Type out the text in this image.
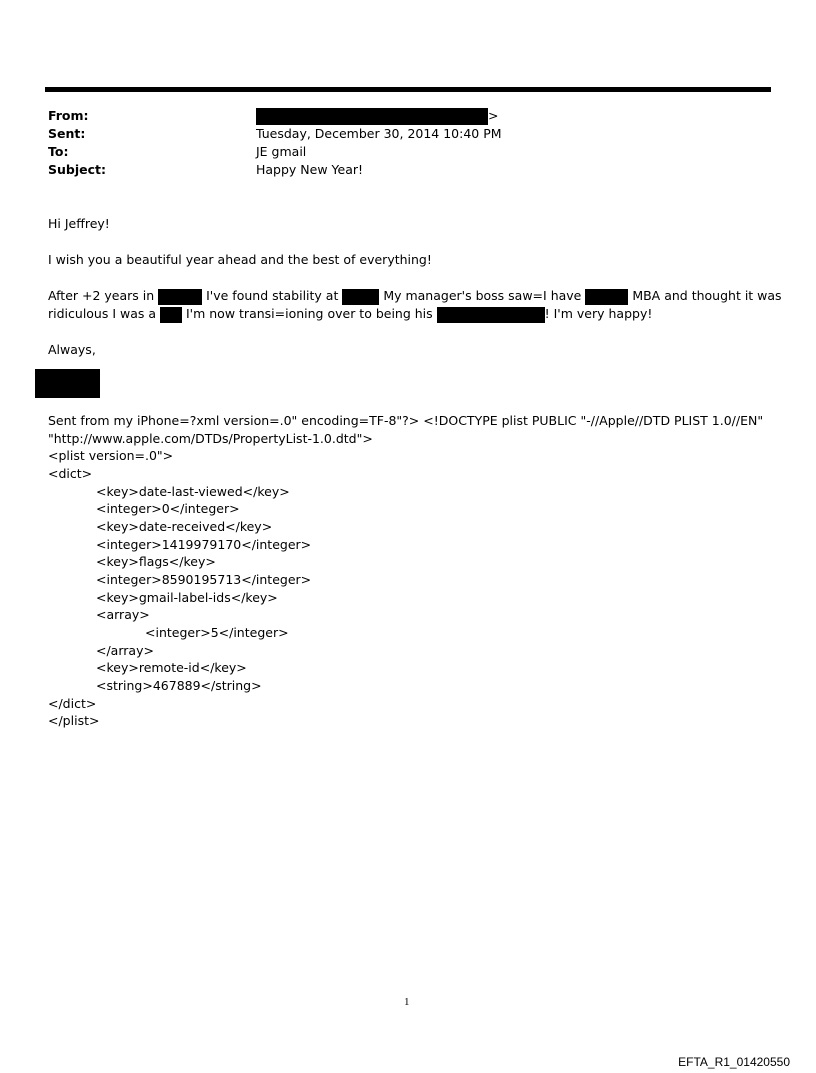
From:	>
Sent:	Tuesday, December 30, 2014 10:40 PM
To:	JE gmail
Subject:	Happy New Year!
Hi Jeffrey!
I wish you a beautiful year ahead and the best of everything!
After +2 years in	I've found stability at	My manager's boss saw=I have	MBA and thought it was
ridiculous I was a  I'm now transi=ioning over to being his	! I'm very happy!
Always,
Sent from my iPhone=?xml version=.0" encoding=TF-8"?> <!DOCTYPE plist PUBLIC "-//Apple//DTD PLIST 1.0//EN"
"http://www.apple.com/DTDs/PropertyList-1.0.dtd">
<plist version=.0">
<dict>
<key>date-last-viewed</key>
<integer>0</integer>
<key>date-received</key>
<integer>1419979170</integer>
<key>flags</key>
<integer>8590195713</integer>
<key>gmail-label-ids</key>
<array>
<integer>5</integer>
</array>
<key>remote-id</key>
<string>467889</string>
</dict>
</plist>
1
EFTA_R1_01420550
